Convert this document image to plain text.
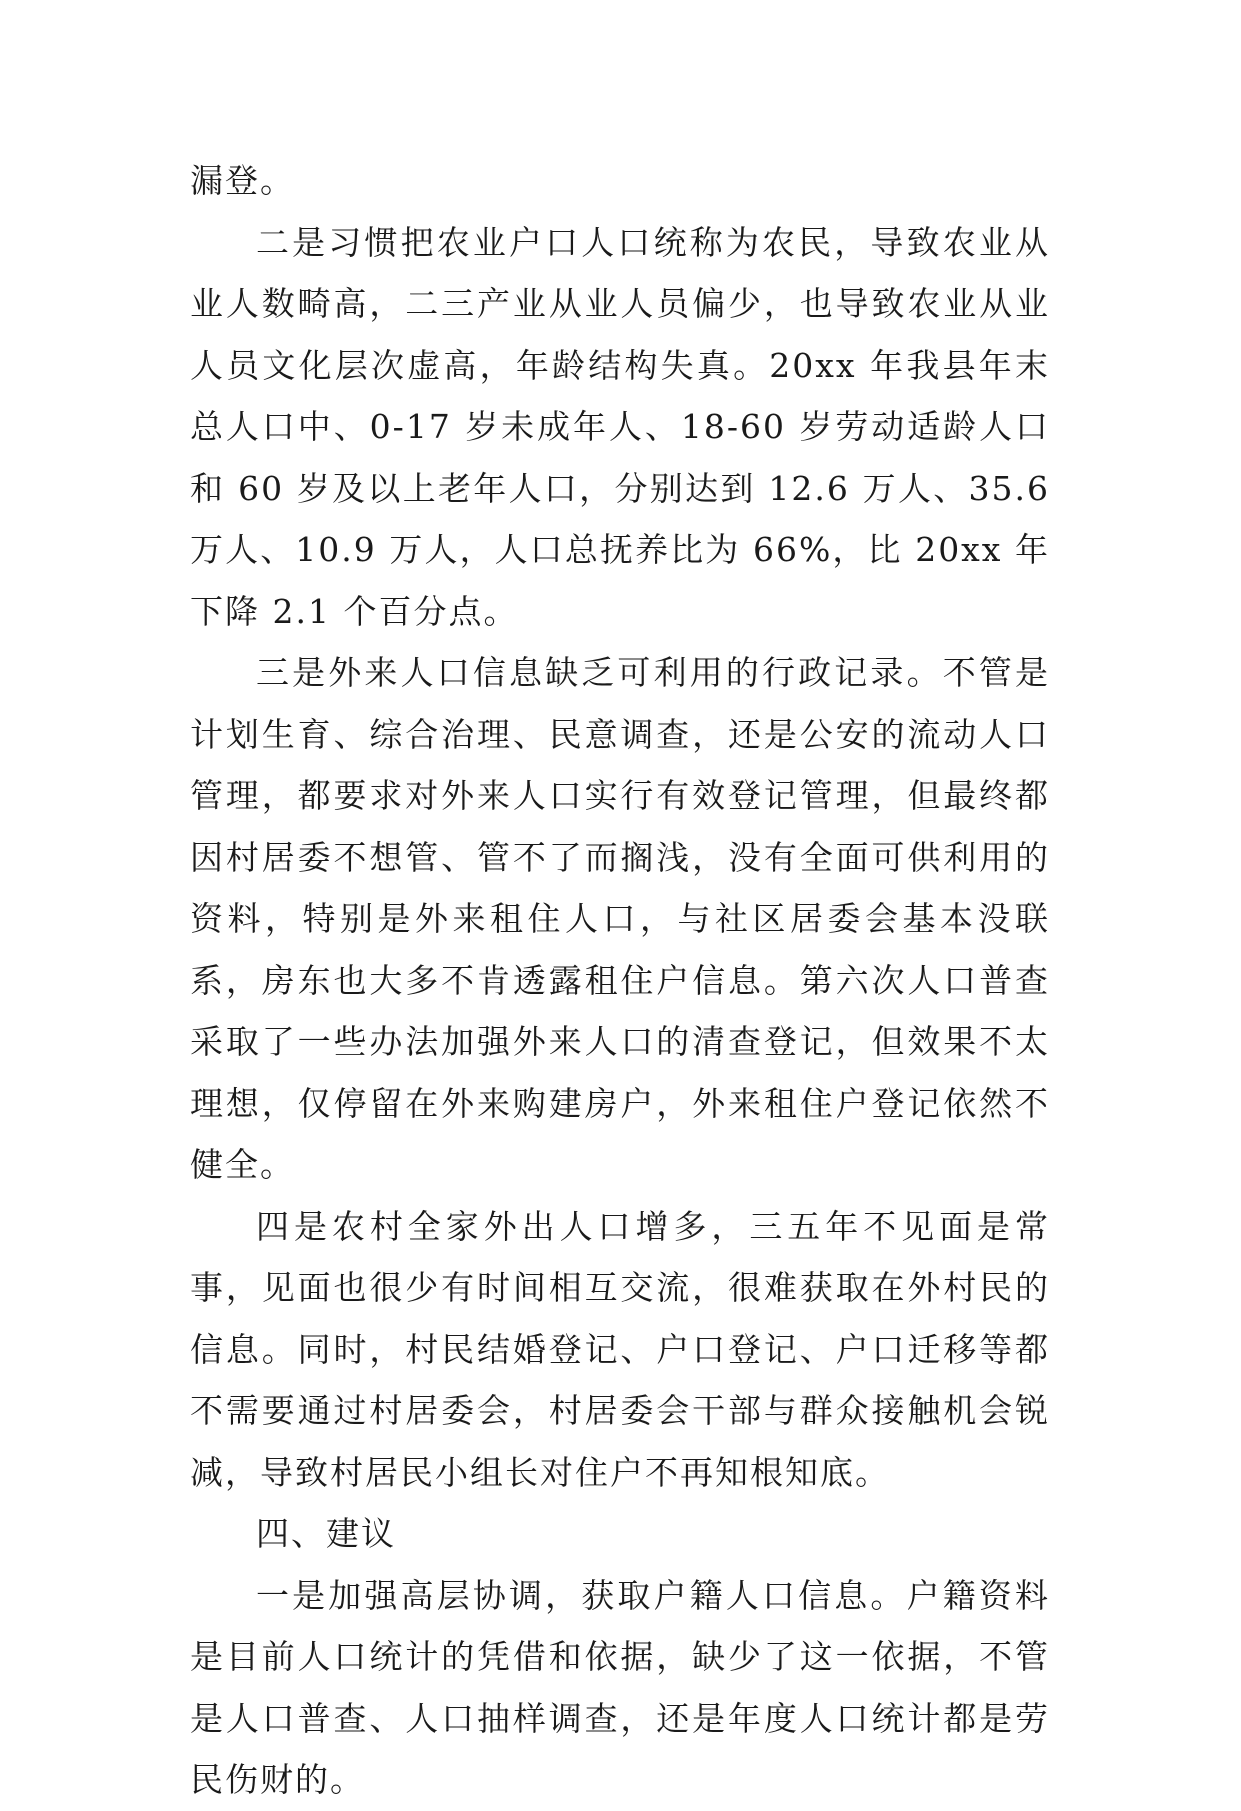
漏登。

二是习惯把农业户口人口统称为农民，导致农业从业人数畸高，二三产业从业人员偏少，也导致农业从业人员文化层次虚高，年龄结构失真。20xx 年我县年末总人口中、0-17 岁未成年人、18-60 岁劳动适龄人口和 60 岁及以上老年人口，分别达到 12.6 万人、35.6 万人、10.9 万人，人口总抚养比为 66%，比 20xx 年下降 2.1 个百分点。

三是外来人口信息缺乏可利用的行政记录。不管是计划生育、综合治理、民意调查，还是公安的流动人口管理，都要求对外来人口实行有效登记管理，但最终都因村居委不想管、管不了而搁浅，没有全面可供利用的资料，特别是外来租住人口，与社区居委会基本没联系，房东也大多不肯透露租住户信息。第六次人口普查采取了一些办法加强外来人口的清查登记，但效果不太理想，仅停留在外来购建房户，外来租住户登记依然不健全。

四是农村全家外出人口增多，三五年不见面是常事，见面也很少有时间相互交流，很难获取在外村民的信息。同时，村民结婚登记、户口登记、户口迁移等都不需要通过村居委会，村居委会干部与群众接触机会锐减，导致村居民小组长对住户不再知根知底。

四、建议

一是加强高层协调，获取户籍人口信息。户籍资料是目前人口统计的凭借和依据，缺少了这一依据，不管是人口普查、人口抽样调查，还是年度人口统计都是劳民伤财的。
